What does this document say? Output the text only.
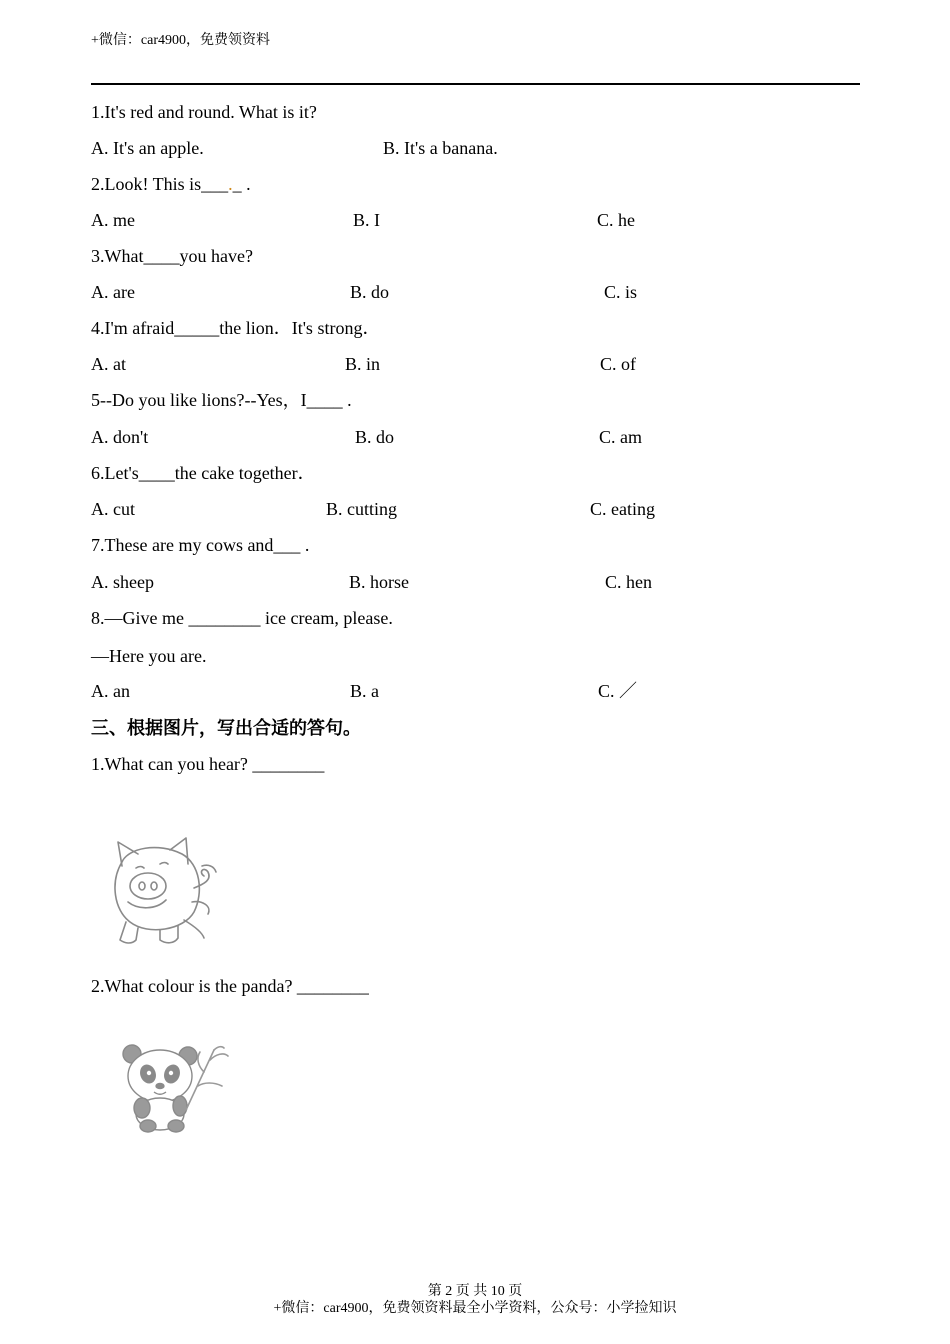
+微信：car4900，免费领资料
1.It's red and round. What is it?
A. It's an apple.	B. It's a banana.
2.Look! This is___._ .
A. me	B. I	C. he
3.What____you have?
A. are	B. do	C. is
4.I'm afraid_____the lion．It's strong．
A. at	B. in	C. of
5--Do you like lions?--Yes，I____ .
A. don't	B. do	C. am
6.Let's____the cake together．
A. cut	B. cutting	C. eating
7.These are my cows and___ .
A. sheep	B. horse	C. hen
8.—Give me ________ ice cream, please.
—Here you are.
A. an	B. a	C. ／
三、根据图片，写出合适的答句。
1.What can you hear? ________
2.What colour is the panda? ________
第 2 页 共 10 页
+微信：car4900，免费领资料最全小学资料，公众号：小学捡知识
